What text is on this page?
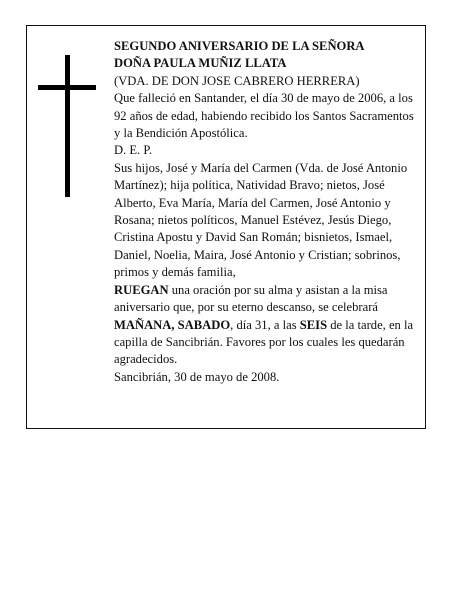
SEGUNDO ANIVERSARIO DE LA SEÑORA

DOÑA PAULA MUÑIZ LLATA

(VDA. DE DON JOSE CABRERO HERRERA)

Que falleció en Santander, el día 30 de mayo de 2006, a los 92 años de edad, habiendo recibido los Santos Sacramentos y la Bendición Apostólica.

D. E. P.

Sus hijos, José y María del Carmen (Vda. de José Antonio Martínez); hija política, Natividad Bravo; nietos, José Alberto, Eva María, María del Carmen, José Antonio y Rosana; nietos políticos, Manuel Estévez, Jesús Diego, Cristina Apostu y David San Román; bisnietos, Ismael, Daniel, Noelia, Maira, José Antonio y Cristian; sobrinos, primos y demás familia,

RUEGAN una oración por su alma y asistan a la misa aniversario que, por su eterno descanso, se celebrará MAÑANA, SABADO, día 31, a las SEIS de la tarde, en la capilla de Sancibrián. Favores por los cuales les quedarán agradecidos.

Sancibrián, 30 de mayo de 2008.
